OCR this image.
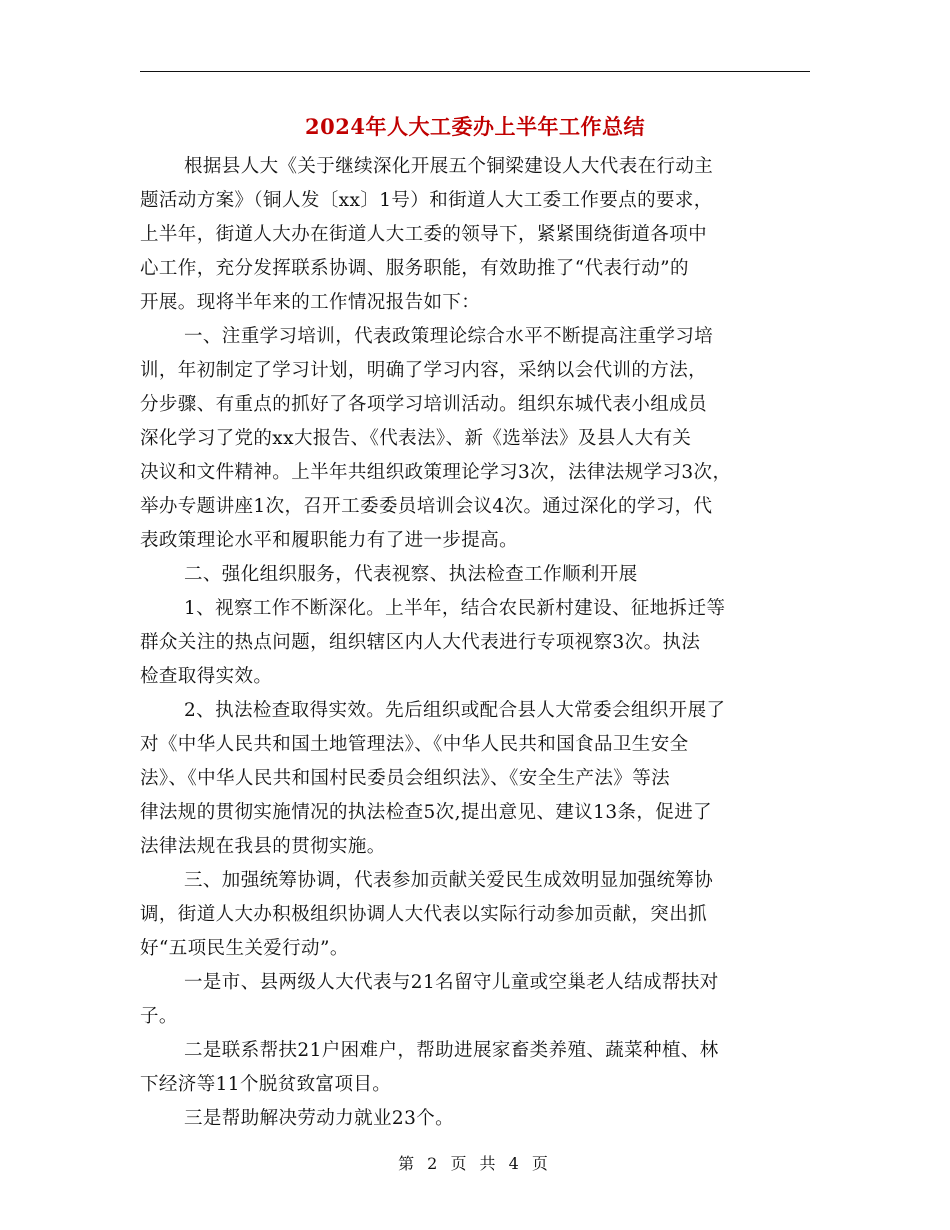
2024年人大工委办上半年工作总结
根据县人大《关于继续深化开展五个铜梁建设人大代表在行动主
题活动方案》（铜人发〔xx〕1号）和街道人大工委工作要点的要求，
上半年，街道人大办在街道人大工委的领导下，紧紧围绕街道各项中
心工作，充分发挥联系协调、服务职能，有效助推了“代表行动”的
开展。现将半年来的工作情况报告如下：
一、注重学习培训，代表政策理论综合水平不断提高注重学习培
训，年初制定了学习计划，明确了学习内容，采纳以会代训的方法，
分步骤、有重点的抓好了各项学习培训活动。组织东城代表小组成员
深化学习了党的xx大报告、《代表法》、新《选举法》及县人大有关
决议和文件精神。上半年共组织政策理论学习3次，法律法规学习3次，
举办专题讲座1次，召开工委委员培训会议4次。通过深化的学习，代
表政策理论水平和履职能力有了进一步提高。
二、强化组织服务，代表视察、执法检查工作顺利开展
1、视察工作不断深化。上半年，结合农民新村建设、征地拆迁等
群众关注的热点问题，组织辖区内人大代表进行专项视察3次。执法
检查取得实效。
2、执法检查取得实效。先后组织或配合县人大常委会组织开展了
对《中华人民共和国土地管理法》、《中华人民共和国食品卫生安全
法》、《中华人民共和国村民委员会组织法》、《安全生产法》等法
律法规的贯彻实施情况的执法检查5次,提出意见、建议13条，促进了
法律法规在我县的贯彻实施。
三、加强统筹协调，代表参加贡献关爱民生成效明显加强统筹协
调，街道人大办积极组织协调人大代表以实际行动参加贡献，突出抓
好“五项民生关爱行动”。
一是市、县两级人大代表与21名留守儿童或空巢老人结成帮扶对
子。
二是联系帮扶21户困难户，帮助进展家畜类养殖、蔬菜种植、林
下经济等11个脱贫致富项目。
三是帮助解决劳动力就业23个。
第 2 页 共 4 页
